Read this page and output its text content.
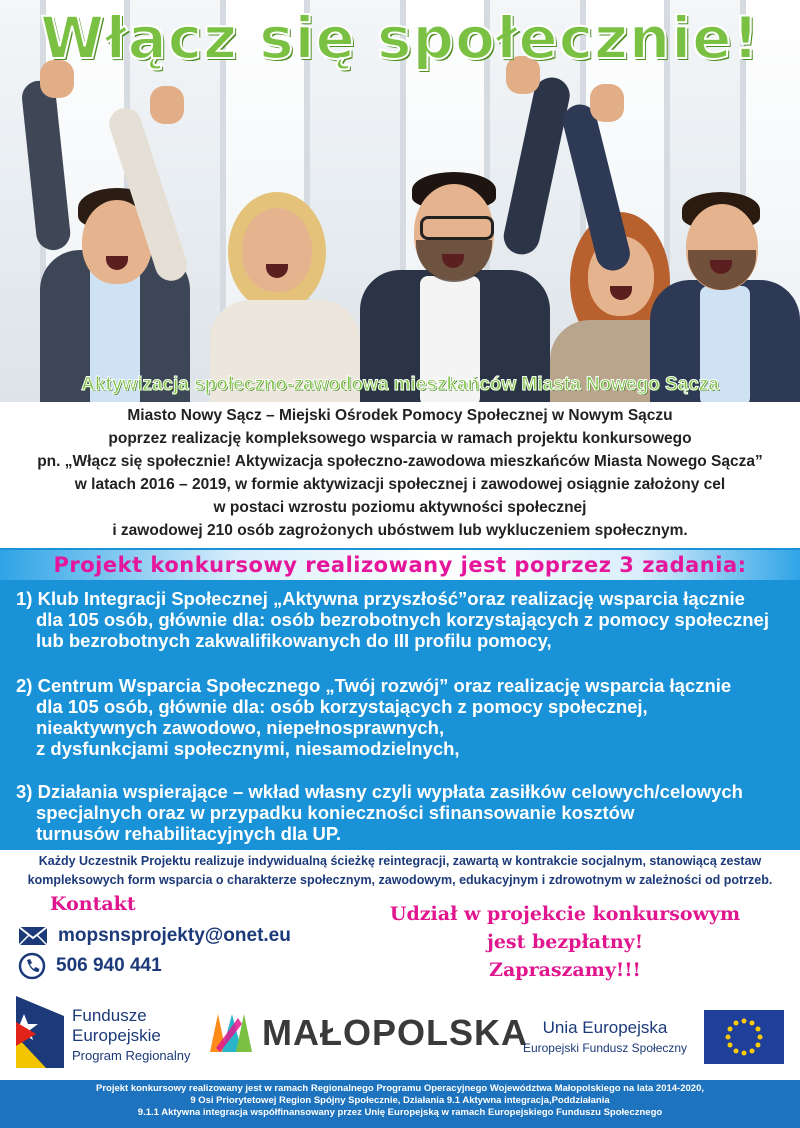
Włącz się społecznie!
Aktywizacja społeczno-zawodowa mieszkańców Miasta Nowego Sącza
Miasto Nowy Sącz – Miejski Ośrodek Pomocy Społecznej w Nowym Sączu
poprzez realizację kompleksowego wsparcia w ramach projektu konkursowego
pn. „Włącz się społecznie! Aktywizacja społeczno-zawodowa mieszkańców Miasta Nowego Sącza”
w latach 2016 – 2019, w formie aktywizacji społecznej i zawodowej osiągnie założony cel
w postaci wzrostu poziomu aktywności społecznej
i zawodowej 210 osób zagrożonych ubóstwem lub wykluczeniem społecznym.
Projekt konkursowy realizowany jest poprzez 3 zadania:
1) Klub Integracji Społecznej „Aktywna przyszłość”oraz realizację wsparcia łącznie
dla 105 osób, głównie dla: osób bezrobotnych korzystających z pomocy społecznej
lub bezrobotnych zakwalifikowanych do III profilu pomocy,
2) Centrum Wsparcia Społecznego „Twój rozwój” oraz realizację wsparcia łącznie
dla 105 osób, głównie dla: osób korzystających z pomocy społecznej,
nieaktywnych zawodowo, niepełnosprawnych,
z dysfunkcjami społecznymi, niesamodzielnych,
3) Działania wspierające – wkład własny czyli wypłata zasiłków celowych/celowych
specjalnych oraz w przypadku konieczności sfinansowanie kosztów
turnusów rehabilitacyjnych dla UP.
Każdy Uczestnik Projektu realizuje indywidualną ścieżkę reintegracji, zawartą w kontrakcie socjalnym, stanowiącą zestaw
kompleksowych form wsparcia o charakterze społecznym, zawodowym, edukacyjnym i zdrowotnym w zależności od potrzeb.
Kontakt
mopsnsprojekty@onet.eu
506 940 441
Udział w projekcie konkursowym
jest bezpłatny!
Zapraszamy!!!
Fundusze
Europejskie
Program Regionalny
MAŁOPOLSKA Unia Europejska
Europejski Fundusz Społeczny
Projekt konkursowy realizowany jest w ramach Regionalnego Programu Operacyjnego Województwa Małopolskiego na lata 2014-2020,
9 Osi Priorytetowej Region Spójny Społecznie, Działania 9.1 Aktywna integracja,Poddziałania
9.1.1 Aktywna integracja współfinansowany przez Unię Europejską w ramach Europejskiego Funduszu Społecznego
